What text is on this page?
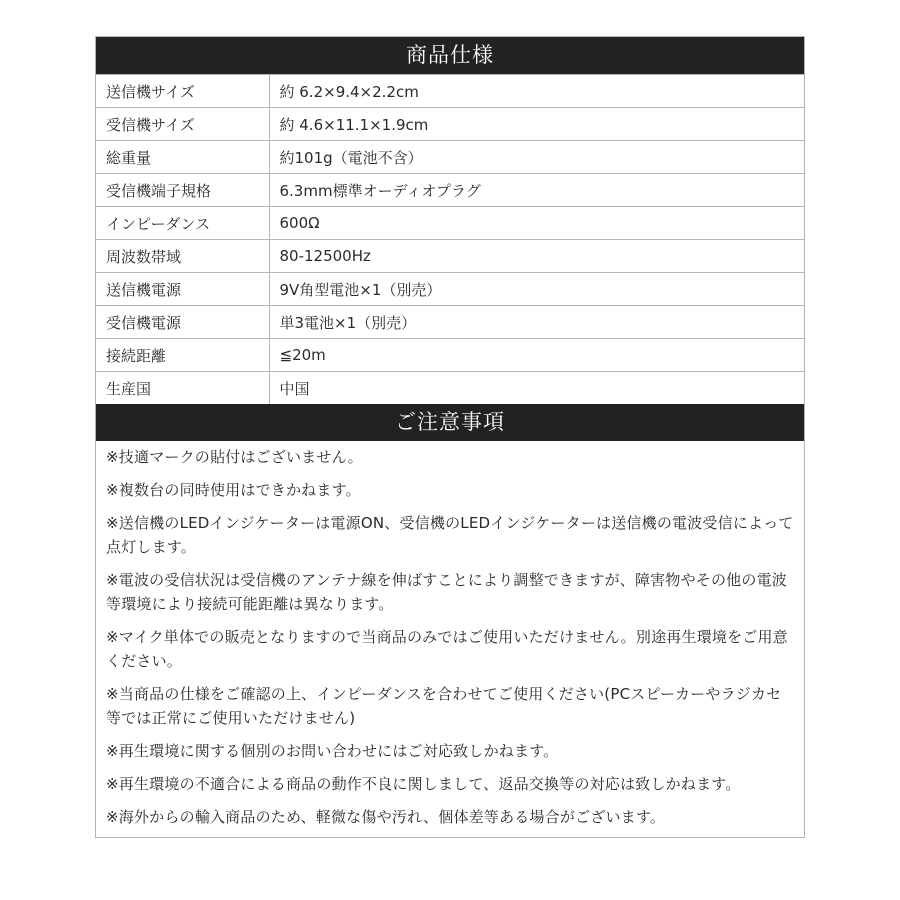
商品仕様
送信機サイズ	約 6.2×9.4×2.2cm
受信機サイズ	約 4.6×11.1×1.9cm
総重量	約101g（電池不含）
受信機端子規格	6.3mm標準オーディオプラグ
インピーダンス	600Ω
周波数帯域	80-12500Hz
送信機電源	9V角型電池×1（別売）
受信機電源	単3電池×1（別売）
接続距離	≦20m
生産国	中国
ご注意事項

※技適マークの貼付はございません。

※複数台の同時使用はできかねます。

※送信機のLEDインジケーターは電源ON、受信機のLEDインジケーターは送信機の電波受信によって点灯します。

※電波の受信状況は受信機のアンテナ線を伸ばすことにより調整できますが、障害物やその他の電波等環境により接続可能距離は異なります。

※マイク単体での販売となりますので当商品のみではご使用いただけません。別途再生環境をご用意ください。

※当商品の仕様をご確認の上、インピーダンスを合わせてご使用ください(PCスピーカーやラジカセ等では正常にご使用いただけません)

※再生環境に関する個別のお問い合わせにはご対応致しかねます。

※再生環境の不適合による商品の動作不良に関しまして、返品交換等の対応は致しかねます。

※海外からの輸入商品のため、軽微な傷や汚れ、個体差等ある場合がございます。
